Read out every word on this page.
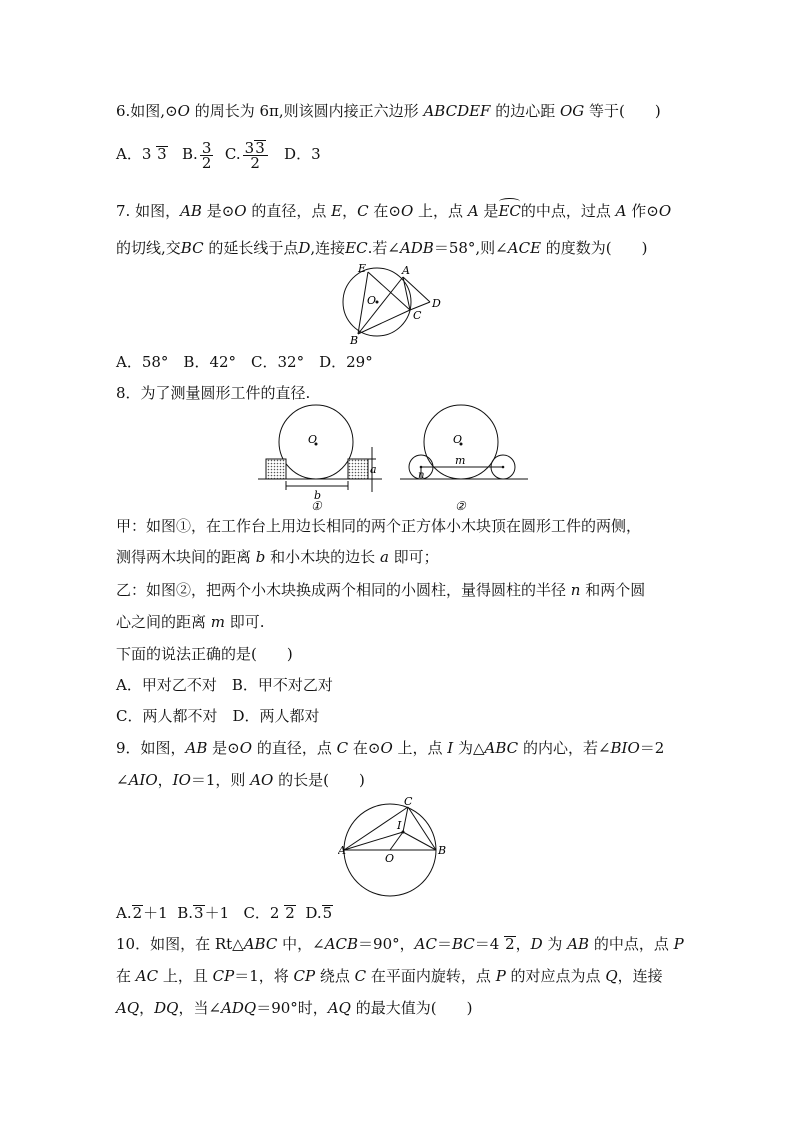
6.如图,⊙O 的周长为 6π,则该圆内接正六边形 ABCDEF 的边心距 OG 等于(　　)
A．3 3 B. $\frac{3}{2} C$. $\frac{33}{2}$ D．3
7. 如图，AB 是⊙O 的直径，点 E，C 在⊙O 上，点 A 是EC的中点，过点 A 作⊙O
的切线,交BC 的延长线于点D,连接EC.若∠ADB＝58°,则∠ACE 的度数为(　　)
E	A
O	D
C
B
A．58°　B．42°　C．32°　D．29°
8．为了测量圆形工件的直径.
O
b
a
①
O
m
n
②
甲：如图①，在工作台上用边长相同的两个正方体小木块顶在圆形工件的两侧，
测得两木块间的距离 b 和小木块的边长 a 即可；
乙：如图②，把两个小木块换成两个相同的小圆柱，量得圆柱的半径 n 和两个圆
心之间的距离 m 即可.
下面的说法正确的是(　　)
A．甲对乙不对　B．甲不对乙对
C．两人都不对　D．两人都对
9．如图，AB 是⊙O 的直径，点 C 在⊙O 上，点 I 为△ABC 的内心，若∠BIO＝2
∠AIO，IO＝1，则 AO 的长是(　　)
C
I
A
O
B
A.2＋1 B.3＋1 C．2 2 D.5
10．如图，在 Rt△ABC 中，∠ACB＝90°，AC＝BC＝4 2，D 为 AB 的中点，点 P
在 AC 上，且 CP＝1，将 CP 绕点 C 在平面内旋转，点 P 的对应点为点 Q，连接
AQ，DQ，当∠ADQ＝90°时，AQ 的最大值为(　　)
